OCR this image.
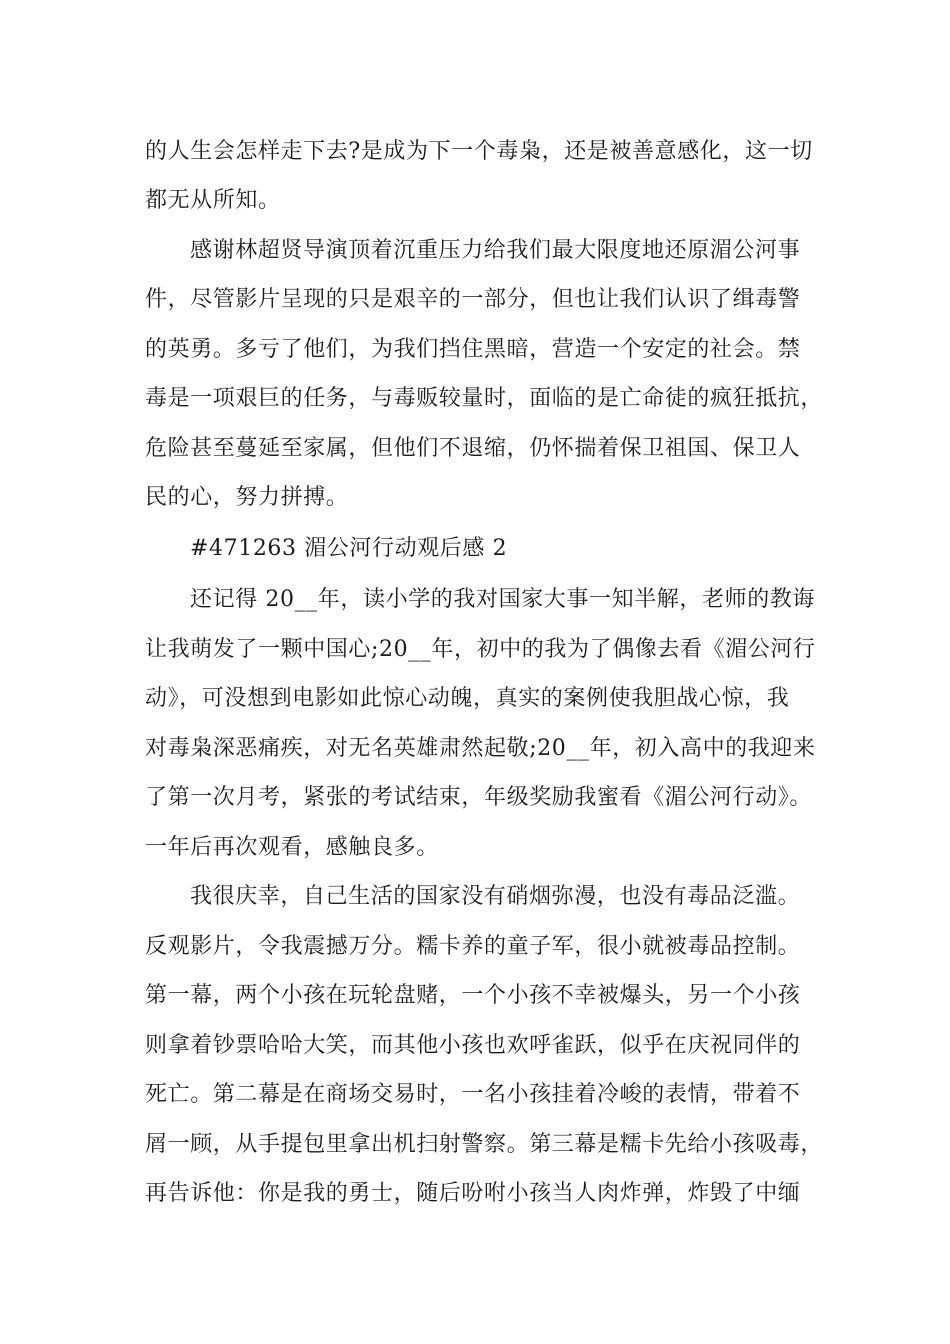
的人生会怎样走下去?是成为下一个毒枭，还是被善意感化，这一切
都无从所知。
感谢林超贤导演顶着沉重压力给我们最大限度地还原湄公河事
件，尽管影片呈现的只是艰辛的一部分，但也让我们认识了缉毒警
的英勇。多亏了他们，为我们挡住黑暗，营造一个安定的社会。禁
毒是一项艰巨的任务，与毒贩较量时，面临的是亡命徒的疯狂抵抗，
危险甚至蔓延至家属，但他们不退缩，仍怀揣着保卫祖国、保卫人
民的心，努力拼搏。
#471263 湄公河行动观后感 2
还记得 20__年，读小学的我对国家大事一知半解，老师的教诲
让我萌发了一颗中国心;20__年，初中的我为了偶像去看《湄公河行
动》，可没想到电影如此惊心动魄，真实的案例使我胆战心惊，我
对毒枭深恶痛疾，对无名英雄肃然起敬;20__年，初入高中的我迎来
了第一次月考，紧张的考试结束，年级奖励我蜜看《湄公河行动》。
一年后再次观看，感触良多。
我很庆幸，自己生活的国家没有硝烟弥漫，也没有毒品泛滥。
反观影片，令我震撼万分。糯卡养的童子军，很小就被毒品控制。
第一幕，两个小孩在玩轮盘赌，一个小孩不幸被爆头，另一个小孩
则拿着钞票哈哈大笑，而其他小孩也欢呼雀跃，似乎在庆祝同伴的
死亡。第二幕是在商场交易时，一名小孩挂着冷峻的表情，带着不
屑一顾，从手提包里拿出机扫射警察。第三幕是糯卡先给小孩吸毒，
再告诉他：你是我的勇士，随后吩咐小孩当人肉炸弹，炸毁了中缅
